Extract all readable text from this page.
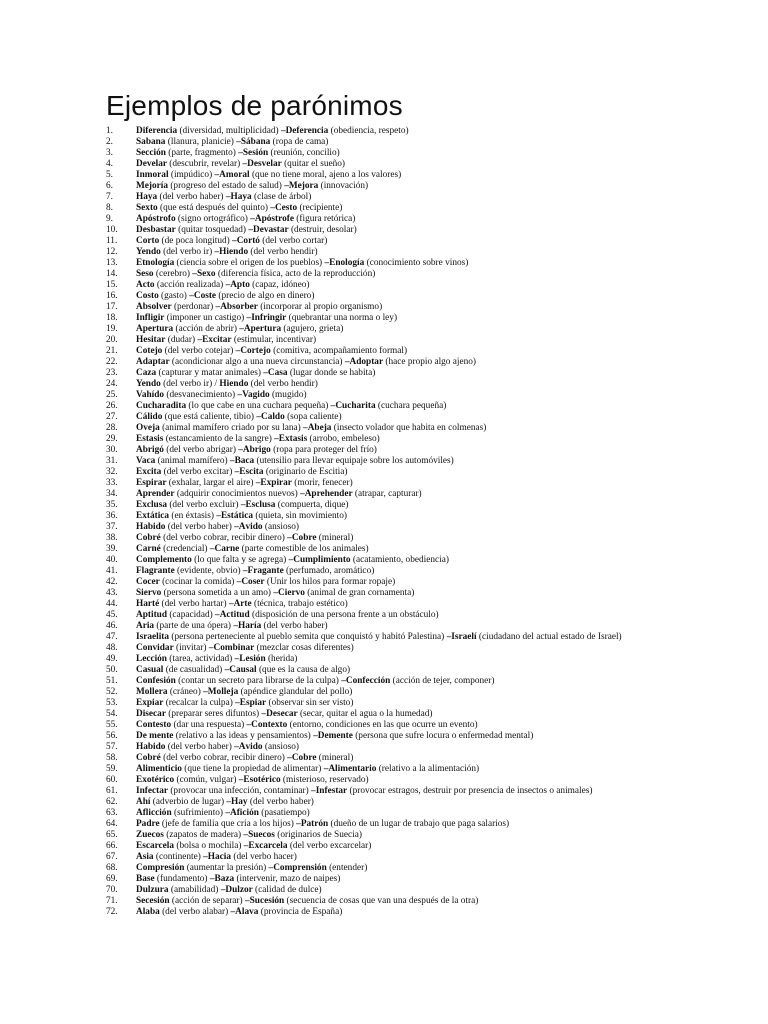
Ejemplos de parónimos
1.	Diferencia (diversidad, multiplicidad) –Deferencia (obediencia, respeto)
2.	Sabana (llanura, planicie) –Sábana (ropa de cama)
3.	Sección (parte, fragmento) –Sesión (reunión, concilio)
4.	Develar (descubrir, revelar) –Desvelar (quitar el sueño)
5.	Inmoral (impúdico) –Amoral (que no tiene moral, ajeno a los valores)
6.	Mejoría (progreso del estado de salud) –Mejora (innovación)
7.	Haya (del verbo haber) –Haya (clase de árbol)
8.	Sexto (que está después del quinto) –Cesto (recipiente)
9.	Apóstrofo (signo ortográfico) –Apóstrofe (figura retórica)
10.	Desbastar (quitar tosquedad) –Devastar (destruir, desolar)
11.	Corto (de poca longitud) –Cortó (del verbo cortar)
12.	Yendo (del verbo ir) –Hiendo (del verbo hendir)
13.	Etnología (ciencia sobre el origen de los pueblos) –Enología (conocimiento sobre vinos)
14.	Seso (cerebro) –Sexo (diferencia física, acto de la reproducción)
15.	Acto (acción realizada) –Apto (capaz, idóneo)
16.	Costo (gasto) –Coste (precio de algo en dinero)
17.	Absolver (perdonar) –Absorber (incorporar al propio organismo)
18.	Infligir (imponer un castigo) –Infringir (quebrantar una norma o ley)
19.	Apertura (acción de abrir) –Apertura (agujero, grieta)
20.	Hesitar (dudar) –Excitar (estimular, incentivar)
21.	Cotejo (del verbo cotejar) –Cortejo (comitiva, acompañamiento formal)
22.	Adaptar (acondicionar algo a una nueva circunstancia) –Adoptar (hace propio algo ajeno)
23.	Caza (capturar y matar animales) –Casa (lugar donde se habita)
24.	Yendo (del verbo ir) / Hiendo (del verbo hendir)
25.	Vahído (desvanecimiento) –Vagido (mugido)
26.	Cucharadita (lo que cabe en una cuchara pequeña) –Cucharita (cuchara pequeña)
27.	Cálido (que está caliente, tibio) –Caldo (sopa caliente)
28.	Oveja (animal mamífero criado por su lana) –Abeja (insecto volador que habita en colmenas)
29.	Estasis (estancamiento de la sangre) –Éxtasis (arrobo, embeleso)
30.	Abrigó (del verbo abrigar) –Abrigo (ropa para proteger del frío)
31.	Vaca (animal mamífero) –Baca (utensilio para llevar equipaje sobre los automóviles)
32.	Excita (del verbo excitar) –Escita (originario de Escitia)
33.	Espirar (exhalar, largar el aire) –Expirar (morir, fenecer)
34.	Aprender (adquirir conocimientos nuevos) –Aprehender (atrapar, capturar)
35.	Exclusa (del verbo excluir) –Esclusa (compuerta, dique)
36.	Extática (en éxtasis) –Estática (quieta, sin movimiento)
37.	Habido (del verbo haber) –Ávido (ansioso)
38.	Cobré (del verbo cobrar, recibir dinero) –Cobre (mineral)
39.	Carné (credencial) –Carne (parte comestible de los animales)
40.	Complemento (lo que falta y se agrega) –Cumplimiento (acatamiento, obediencia)
41.	Flagrante (evidente, obvio) –Fragante (perfumado, aromático)
42.	Cocer (cocinar la comida) –Coser (Unir los hilos para formar ropaje)
43.	Siervo (persona sometida a un amo) –Ciervo (animal de gran cornamenta)
44.	Harté (del verbo hartar) –Arte (técnica, trabajo estético)
45.	Aptitud (capacidad) –Actitud (disposición de una persona frente a un obstáculo)
46.	Aria (parte de una ópera) –Haría (del verbo haber)
47.	Israelita (persona perteneciente al pueblo semita que conquistó y habitó Palestina) –Israelí (ciudadano del actual estado de Israel)
48.	Convidar (invitar) –Combinar (mezclar cosas diferentes)
49.	Lección (tarea, actividad) –Lesión (herida)
50.	Casual (de casualidad) –Causal (que es la causa de algo)
51.	Confesión (contar un secreto para librarse de la culpa) –Confección (acción de tejer, componer)
52.	Mollera (cráneo) –Molleja (apéndice glandular del pollo)
53.	Expiar (recalcar la culpa) –Espiar (observar sin ser visto)
54.	Disecar (preparar seres difuntos) –Desecar (secar, quitar el agua o la humedad)
55.	Contesto (dar una respuesta) –Contexto (entorno, condiciones en las que ocurre un evento)
56.	De mente (relativo a las ideas y pensamientos) –Demente (persona que sufre locura o enfermedad mental)
57.	Habido (del verbo haber) –Ávido (ansioso)
58.	Cobré (del verbo cobrar, recibir dinero) –Cobre (mineral)
59.	Alimenticio (que tiene la propiedad de alimentar) –Alimentario (relativo a la alimentación)
60.	Exotérico (común, vulgar) –Esotérico (misterioso, reservado)
61.	Infectar (provocar una infección, contaminar) –Infestar (provocar estragos, destruir por presencia de insectos o animales)
62.	Ahí (adverbio de lugar) –Hay (del verbo haber)
63.	Aflicción (sufrimiento) –Afición (pasatiempo)
64.	Padre (jefe de familia que cría a los hijos) –Patrón (dueño de un lugar de trabajo que paga salarios)
65.	Zuecos (zapatos de madera) –Suecos (originarios de Suecia)
66.	Escarcela (bolsa o mochila) –Excarcela (del verbo excarcelar)
67.	Asia (continente) –Hacia (del verbo hacer)
68.	Compresión (aumentar la presión) –Comprensión (entender)
69.	Base (fundamento) –Baza (intervenir, mazo de naipes)
70.	Dulzura (amabilidad) –Dulzor (calidad de dulce)
71.	Secesión (acción de separar) –Sucesión (secuencia de cosas que van una después de la otra)
72.	Alaba (del verbo alabar) –Álava (provincia de España)
